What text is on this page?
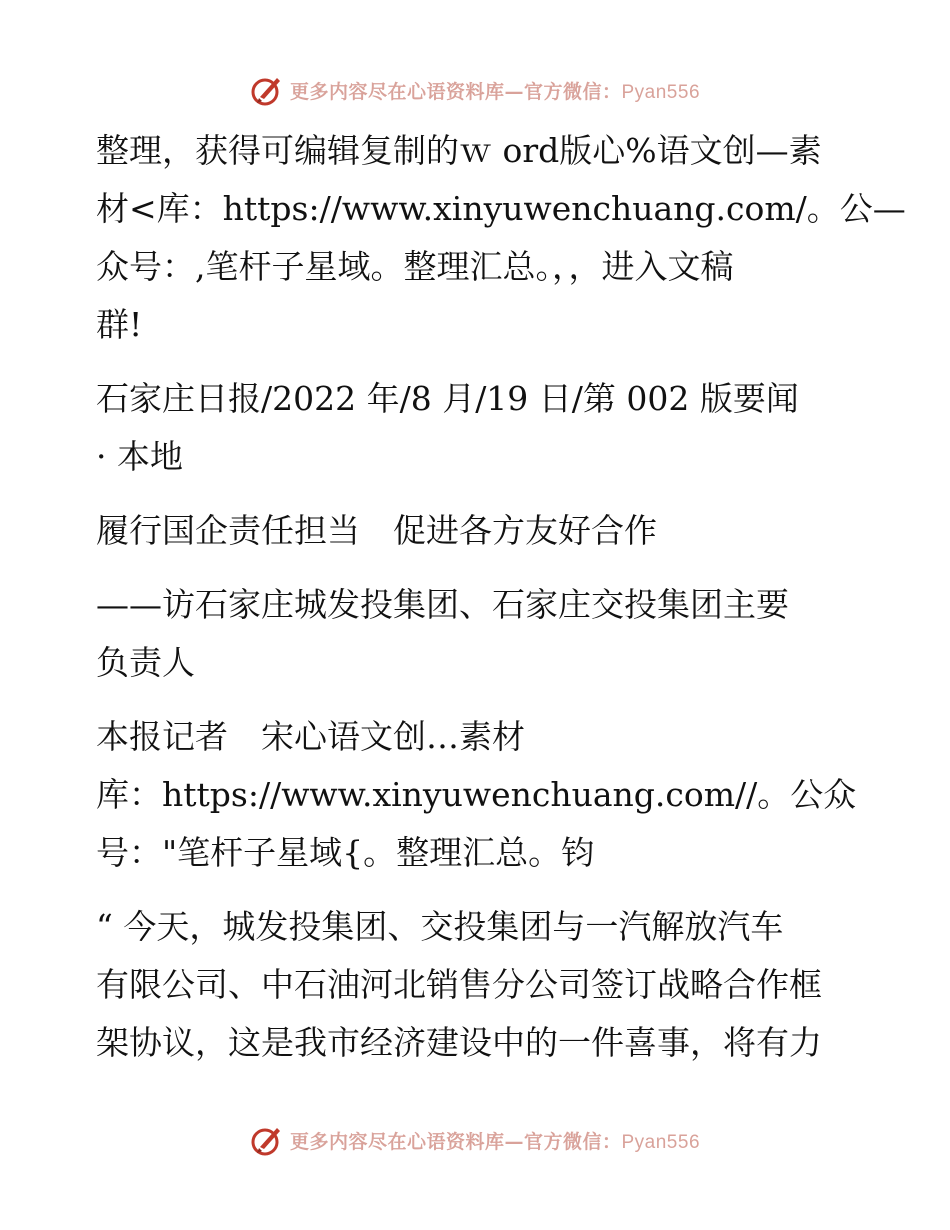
更多内容尽在心语资料库—官方微信：Pyan556
整理，获得可编辑复制的ｗ ord版心%语文创—素
材<库：https://www.xinyuwenchuang.com/。公—
众号：,笔杆子星域。整理汇总。，，进入文稿
群!
石家庄日报/2022 年/8 月/19 日/第 002 版要闻
· 本地
履行国企责任担当　促进各方友好合作
——访石家庄城发投集团、石家庄交投集团主要
负责人
本报记者　宋心语文创…素材
库：https://www.xinyuwenchuang.com//。公众
号："笔杆子星域{。整理汇总。钧
“ 今天，城发投集团、交投集团与一汽解放汽车
有限公司、中石油河北销售分公司签订战略合作框
架协议，这是我市经济建设中的一件喜事，将有力
更多内容尽在心语资料库—官方微信：Pyan556
